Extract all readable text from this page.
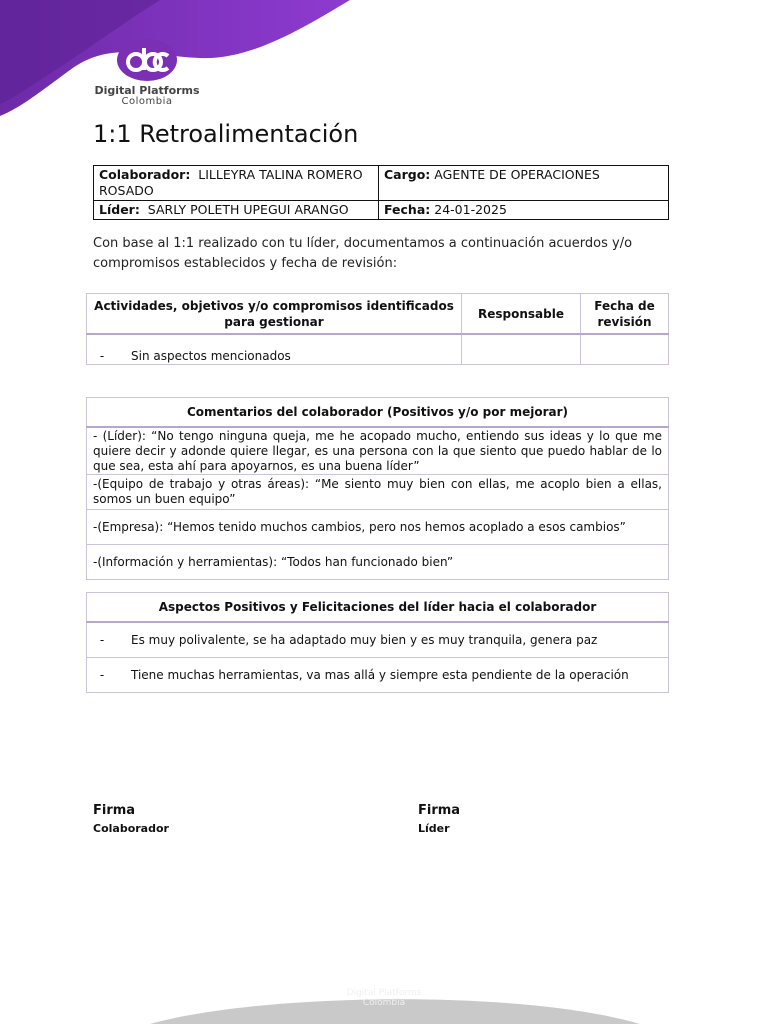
Digital Platforms
Colombia
1:1 Retroalimentación
Colaborador: LILLEYRA TALINA ROMERO ROSADO	Cargo: AGENTE DE OPERACIONES
Líder: SARLY POLETH UPEGUI ARANGO	Fecha: 24-01-2025

Con base al 1:1 realizado con tu líder, documentamos a continuación acuerdos y/o compromisos establecidos y fecha de revisión:

Actividades, objetivos y/o compromisos identificados para gestionar	Responsable	Fecha de revisión
- Sin aspectos mencionados		
Comentarios del colaborador (Positivos y/o por mejorar)
- (Líder): “No tengo ninguna queja, me he acopado mucho, entiendo sus ideas y lo que me quiere decir y adonde quiere llegar, es una persona con la que siento que puedo hablar de lo que sea, esta ahí para apoyarnos, es una buena líder”
-(Equipo de trabajo y otras áreas): “Me siento muy bien con ellas, me acoplo bien a ellas, somos un buen equipo”
-(Empresa): “Hemos tenido muchos cambios, pero nos hemos acoplado a esos cambios”
-(Información y herramientas): “Todos han funcionado bien”
Aspectos Positivos y Felicitaciones del líder hacia el colaborador
- Es muy polivalente, se ha adaptado muy bien y es muy tranquila, genera paz
- Tiene muchas herramientas, va mas allá y siempre esta pendiente de la operación
Firma
Colaborador
Firma
Líder
Digital Platforms
Colombia
